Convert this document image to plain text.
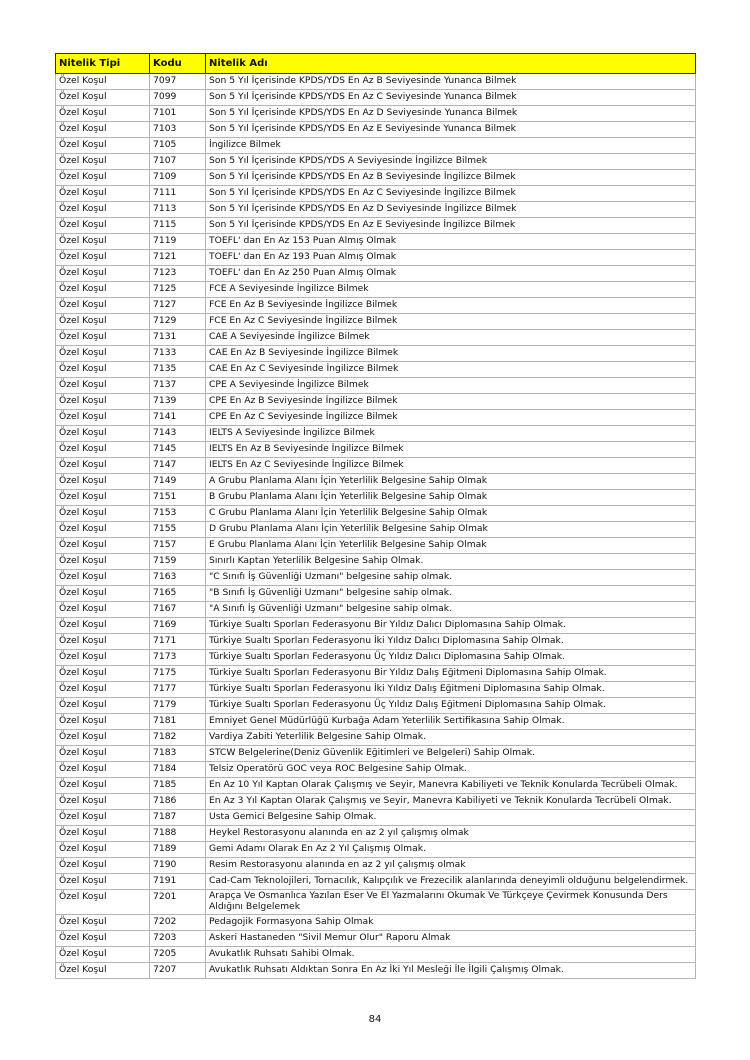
Nitelik Tipi	Kodu	Nitelik Adı
Özel Koşul	7097	Son 5 Yıl İçerisinde KPDS/YDS En Az B Seviyesinde Yunanca Bilmek
Özel Koşul	7099	Son 5 Yıl İçerisinde KPDS/YDS En Az C Seviyesinde Yunanca Bilmek
Özel Koşul	7101	Son 5 Yıl İçerisinde KPDS/YDS En Az D Seviyesinde Yunanca Bilmek
Özel Koşul	7103	Son 5 Yıl İçerisinde KPDS/YDS En Az E Seviyesinde Yunanca Bilmek
Özel Koşul	7105	İngilizce Bilmek
Özel Koşul	7107	Son 5 Yıl İçerisinde KPDS/YDS A Seviyesinde İngilizce Bilmek
Özel Koşul	7109	Son 5 Yıl İçerisinde KPDS/YDS En Az B Seviyesinde İngilizce Bilmek
Özel Koşul	7111	Son 5 Yıl İçerisinde KPDS/YDS En Az C Seviyesinde İngilizce Bilmek
Özel Koşul	7113	Son 5 Yıl İçerisinde KPDS/YDS En Az D Seviyesinde İngilizce Bilmek
Özel Koşul	7115	Son 5 Yıl İçerisinde KPDS/YDS En Az E Seviyesinde İngilizce Bilmek
Özel Koşul	7119	TOEFL' dan En Az 153 Puan Almış Olmak
Özel Koşul	7121	TOEFL' dan En Az 193 Puan Almış Olmak
Özel Koşul	7123	TOEFL' dan En Az 250 Puan Almış Olmak
Özel Koşul	7125	FCE A Seviyesinde İngilizce Bilmek
Özel Koşul	7127	FCE En Az B Seviyesinde İngilizce Bilmek
Özel Koşul	7129	FCE En Az C Seviyesinde İngilizce Bilmek
Özel Koşul	7131	CAE A Seviyesinde İngilizce Bilmek
Özel Koşul	7133	CAE En Az B Seviyesinde İngilizce Bilmek
Özel Koşul	7135	CAE En Az C Seviyesinde İngilizce Bilmek
Özel Koşul	7137	CPE A Seviyesinde İngilizce Bilmek
Özel Koşul	7139	CPE En Az B Seviyesinde İngilizce Bilmek
Özel Koşul	7141	CPE En Az C Seviyesinde İngilizce Bilmek
Özel Koşul	7143	IELTS A Seviyesinde İngilizce Bilmek
Özel Koşul	7145	IELTS En Az B Seviyesinde İngilizce Bilmek
Özel Koşul	7147	IELTS En Az C Seviyesinde İngilizce Bilmek
Özel Koşul	7149	A Grubu Planlama Alanı İçin Yeterlilik Belgesine Sahip Olmak
Özel Koşul	7151	B Grubu Planlama Alanı İçin Yeterlilik Belgesine Sahip Olmak
Özel Koşul	7153	C Grubu Planlama Alanı İçin Yeterlilik Belgesine Sahip Olmak
Özel Koşul	7155	D Grubu Planlama Alanı İçin Yeterlilik Belgesine Sahip Olmak
Özel Koşul	7157	E Grubu Planlama Alanı İçin Yeterlilik Belgesine Sahip Olmak
Özel Koşul	7159	Sınırlı Kaptan Yeterlilik Belgesine Sahip Olmak.
Özel Koşul	7163	"C Sınıfı İş Güvenliği Uzmanı" belgesine sahip olmak.
Özel Koşul	7165	"B Sınıfı İş Güvenliği Uzmanı" belgesine sahip olmak.
Özel Koşul	7167	"A Sınıfı İş Güvenliği Uzmanı" belgesine sahip olmak.
Özel Koşul	7169	Türkiye Sualtı Sporları Federasyonu Bir Yıldız Dalıcı Diplomasına Sahip Olmak.
Özel Koşul	7171	Türkiye Sualtı Sporları Federasyonu İki Yıldız Dalıcı Diplomasına Sahip Olmak.
Özel Koşul	7173	Türkiye Sualtı Sporları Federasyonu Üç Yıldız Dalıcı Diplomasına Sahip Olmak.
Özel Koşul	7175	Türkiye Sualtı Sporları Federasyonu Bir Yıldız Dalış Eğitmeni Diplomasına Sahip Olmak.
Özel Koşul	7177	Türkiye Sualtı Sporları Federasyonu İki Yıldız Dalış Eğitmeni Diplomasına Sahip Olmak.
Özel Koşul	7179	Türkiye Sualtı Sporları Federasyonu Üç Yıldız Dalış Eğitmeni Diplomasına Sahip Olmak.
Özel Koşul	7181	Emniyet Genel Müdürlüğü Kurbağa Adam Yeterlilik Sertifikasına Sahip Olmak.
Özel Koşul	7182	Vardiya Zabiti Yeterlilik Belgesine Sahip Olmak.
Özel Koşul	7183	STCW Belgelerine(Deniz Güvenlik Eğitimleri ve Belgeleri) Sahip Olmak.
Özel Koşul	7184	Telsiz Operatörü GOC veya ROC Belgesine Sahip Olmak.
Özel Koşul	7185	En Az 10 Yıl Kaptan Olarak Çalışmış ve Seyir, Manevra Kabiliyeti ve Teknik Konularda Tecrübeli Olmak.
Özel Koşul	7186	En Az 3 Yıl Kaptan Olarak Çalışmış ve Seyir, Manevra Kabiliyeti ve Teknik Konularda Tecrübeli Olmak.
Özel Koşul	7187	Usta Gemici Belgesine Sahip Olmak.
Özel Koşul	7188	Heykel Restorasyonu alanında en az 2 yıl çalışmış olmak
Özel Koşul	7189	Gemi Adamı Olarak En Az 2 Yıl Çalışmış Olmak.
Özel Koşul	7190	Resim Restorasyonu alanında en az 2 yıl çalışmış olmak
Özel Koşul	7191	Cad-Cam Teknolojileri, Tornacılık, Kalıpçılık ve Frezecilik alanlarında deneyimli olduğunu belgelendirmek.
Özel Koşul	7201	Arapça Ve Osmanlıca Yazılan Eser Ve El Yazmalarını Okumak Ve Türkçeye Çevirmek Konusunda Ders Aldığını Belgelemek
Özel Koşul	7202	Pedagojik Formasyona Sahip Olmak
Özel Koşul	7203	Askeri Hastaneden "Sivil Memur Olur" Raporu Almak
Özel Koşul	7205	Avukatlık Ruhsatı Sahibi Olmak.
Özel Koşul	7207	Avukatlık Ruhsatı Aldıktan Sonra En Az İki Yıl Mesleği İle İlgili Çalışmış Olmak.
84
